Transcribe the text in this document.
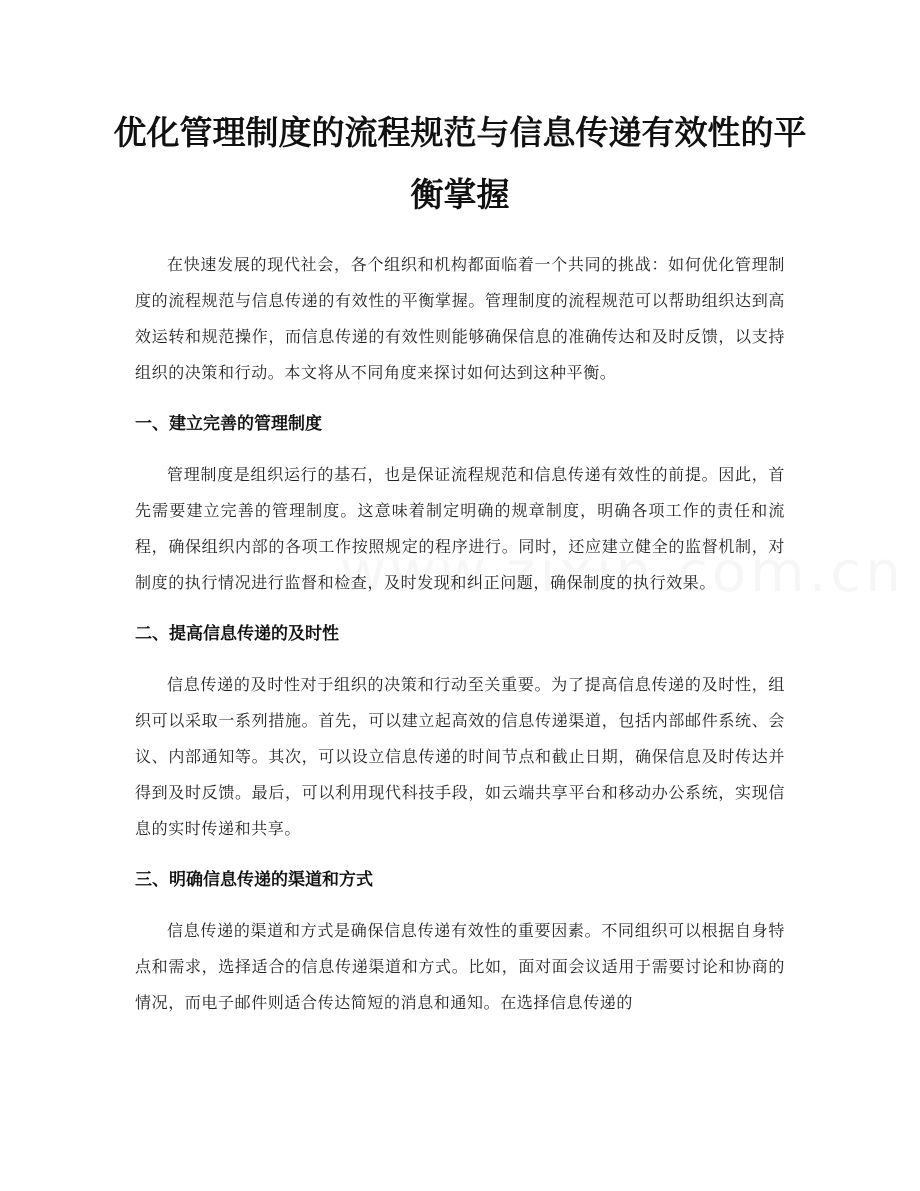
优化管理制度的流程规范与信息传递有效性的平衡掌握

在快速发展的现代社会，各个组织和机构都面临着一个共同的挑战：如何优化管理制度的流程规范与信息传递的有效性的平衡掌握。管理制度的流程规范可以帮助组织达到高效运转和规范操作，而信息传递的有效性则能够确保信息的准确传达和及时反馈，以支持组织的决策和行动。本文将从不同角度来探讨如何达到这种平衡。

一、建立完善的管理制度

管理制度是组织运行的基石，也是保证流程规范和信息传递有效性的前提。因此，首先需要建立完善的管理制度。这意味着制定明确的规章制度，明确各项工作的责任和流程，确保组织内部的各项工作按照规定的程序进行。同时，还应建立健全的监督机制，对制度的执行情况进行监督和检查，及时发现和纠正问题，确保制度的执行效果。

二、提高信息传递的及时性

信息传递的及时性对于组织的决策和行动至关重要。为了提高信息传递的及时性，组织可以采取一系列措施。首先，可以建立起高效的信息传递渠道，包括内部邮件系统、会议、内部通知等。其次，可以设立信息传递的时间节点和截止日期，确保信息及时传达并得到及时反馈。最后，可以利用现代科技手段，如云端共享平台和移动办公系统，实现信息的实时传递和共享。

三、明确信息传递的渠道和方式

信息传递的渠道和方式是确保信息传递有效性的重要因素。不同组织可以根据自身特点和需求，选择适合的信息传递渠道和方式。比如，面对面会议适用于需要讨论和协商的情况，而电子邮件则适合传达简短的消息和通知。在选择信息传递的
